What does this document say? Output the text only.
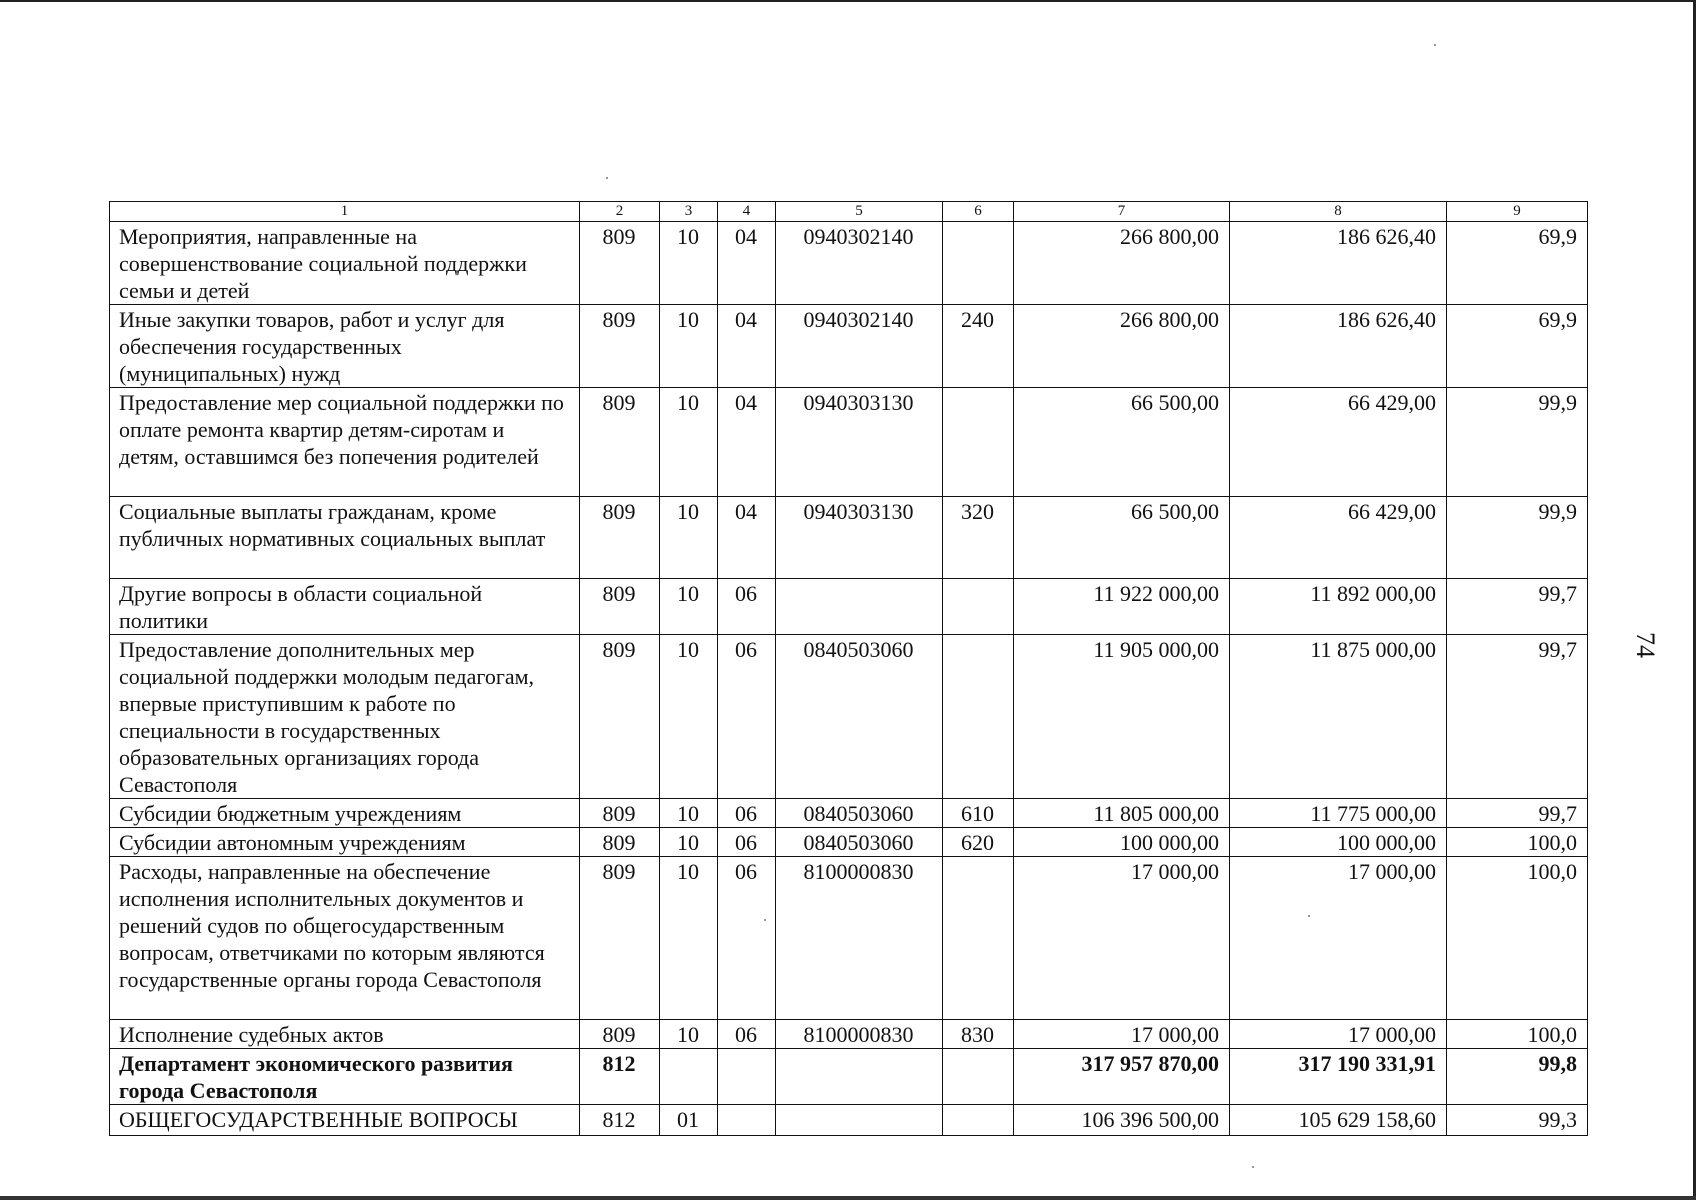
1	2	3	4	5	6	7	8	9
Мероприятия, направленные на совершенствование социальной поддержки семьи и детей	809	10	04	0940302140		266 800,00	186 626,40	69,9
Иные закупки товаров, работ и услуг для обеспечения государственных (муниципальных) нужд	809	10	04	0940302140	240	266 800,00	186 626,40	69,9
Предоставление мер социальной поддержки по оплате ремонта квартир детям-сиротам и детям, оставшимся без попечения родителей	809	10	04	0940303130		66 500,00	66 429,00	99,9
Социальные выплаты гражданам, кроме публичных нормативных социальных выплат	809	10	04	0940303130	320	66 500,00	66 429,00	99,9
Другие вопросы в области социальной политики	809	10	06			11 922 000,00	11 892 000,00	99,7
Предоставление дополнительных мер социальной поддержки молодым педагогам, впервые приступившим к работе по специальности в государственных образовательных организациях города Севастополя	809	10	06	0840503060		11 905 000,00	11 875 000,00	99,7
Субсидии бюджетным учреждениям	809	10	06	0840503060	610	11 805 000,00	11 775 000,00	99,7
Субсидии автономным учреждениям	809	10	06	0840503060	620	100 000,00	100 000,00	100,0
Расходы, направленные на обеспечение исполнения исполнительных документов и решений судов по общегосударственным вопросам, ответчиками по которым являются государственные органы города Севастополя	809	10	06	8100000830		17 000,00	17 000,00	100,0
Исполнение судебных актов	809	10	06	8100000830	830	17 000,00	17 000,00	100,0
Департамент экономического развития города Севастополя	812					317 957 870,00	317 190 331,91	99,8
ОБЩЕГОСУДАРСТВЕННЫЕ ВОПРОСЫ	812	01				106 396 500,00	105 629 158,60	99,3
74
